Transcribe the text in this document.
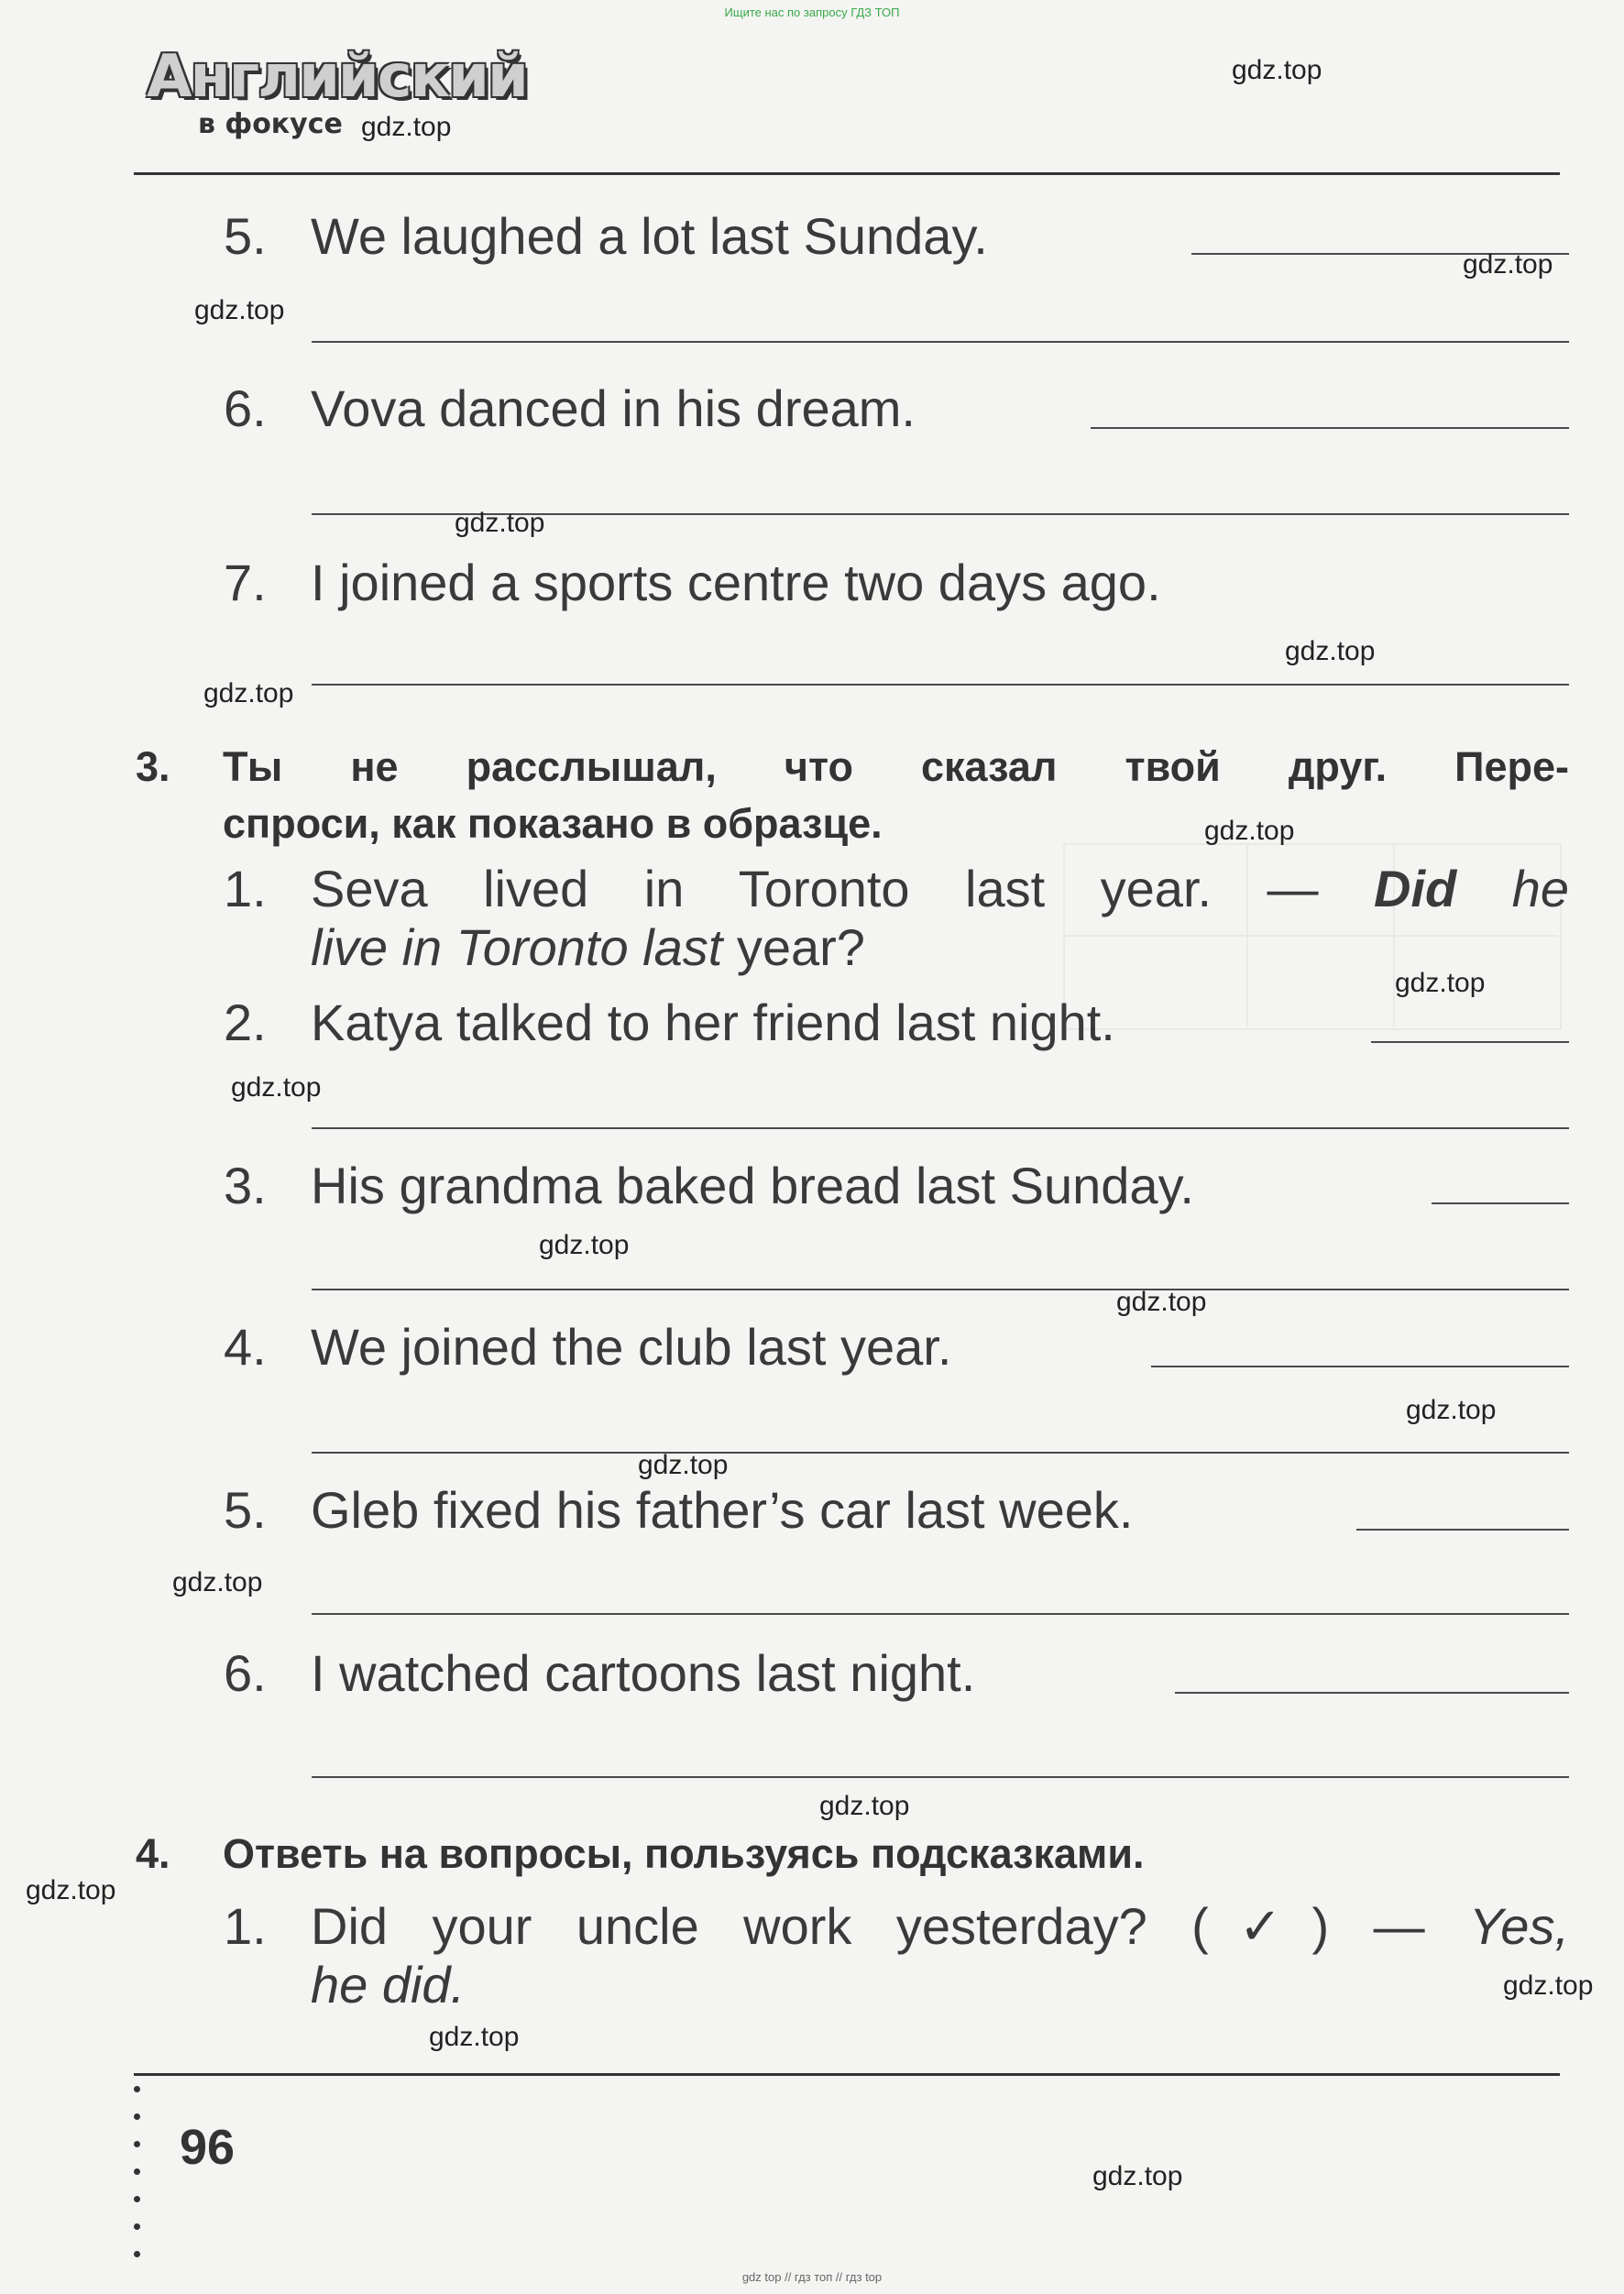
Ищите нас по запросу ГДЗ ТОП
Английский
в фокусе
5. We laughed a lot last Sunday.
6. Vova danced in his dream.
7. I joined a sports centre two days ago.
3. Ты не расслышал, что сказал твой друг. Пере-
спроси, как показано в образце.
1. Seva lived in Toronto last year. — Did he
live in Toronto last year?
2. Katya talked to her friend last night.
3. His grandma baked bread last Sunday.
4. We joined the club last year.
5. Gleb fixed his father’s car last week.
6. I watched cartoons last night.
4. Ответь на вопросы, пользуясь подсказками.
1. Did your uncle work yesterday? (✓) — Yes,
he did.
96
gdz.top
gdz.top
gdz.top
gdz.top
gdz.top
gdz.top
gdz.top
gdz.top
gdz.top
gdz.top
gdz.top
gdz.top
gdz.top
gdz.top
gdz.top
gdz.top
gdz.top
gdz.top
gdz.top
gdz.top
gdz top // гдз топ // гдз top
